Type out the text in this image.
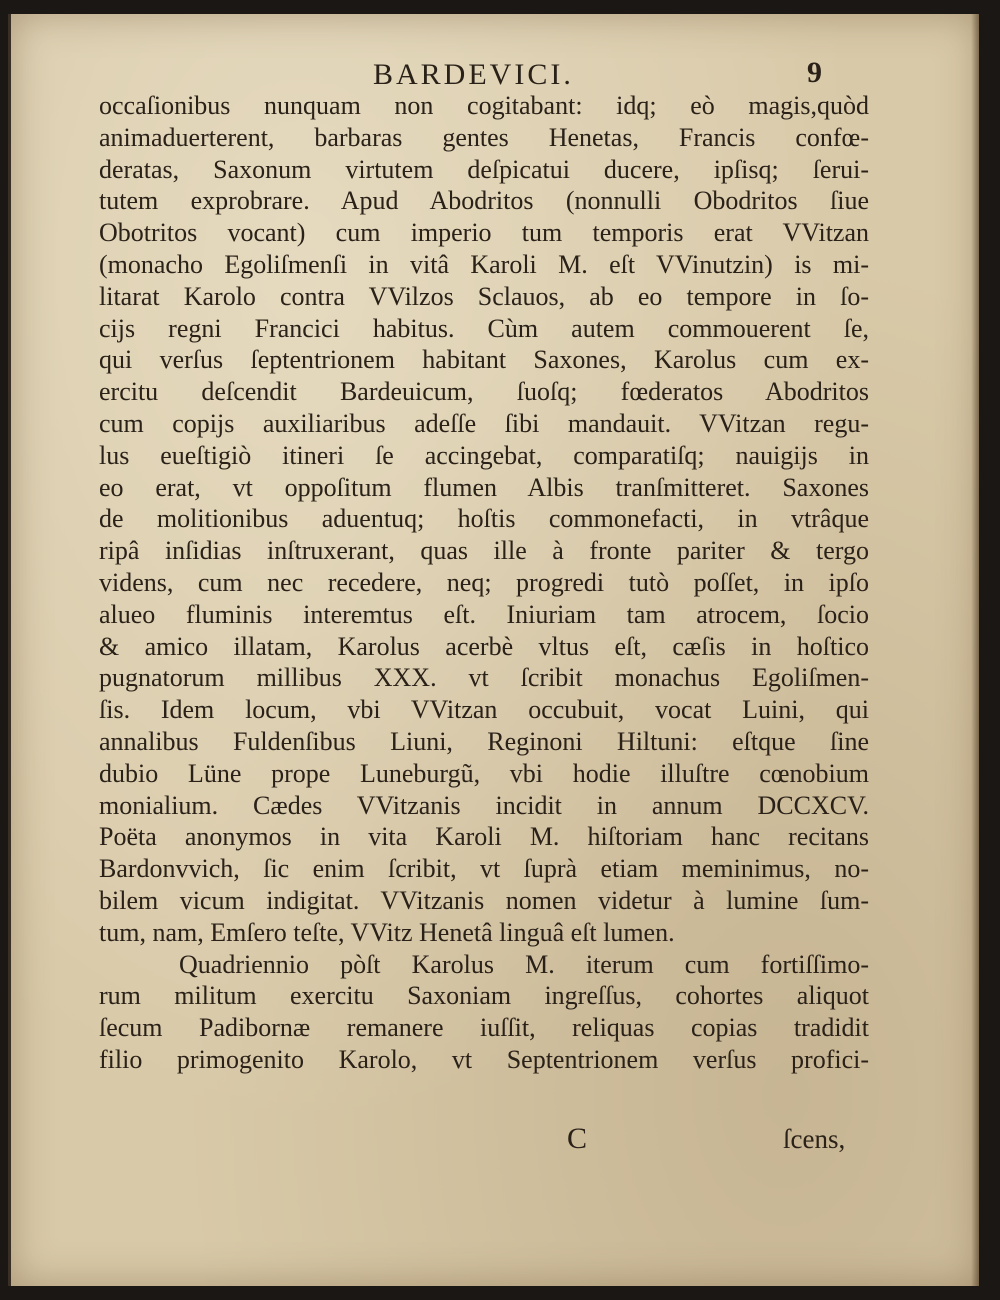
BARDEVICI.	9
occaſionibus nunquam non cogitabant: idq; eò magis,quòd
animaduerterent, barbaras gentes Henetas, Francis confœ-
deratas, Saxonum virtutem deſpicatui ducere, ipſisq; ſerui-
tutem exprobrare. Apud Abodritos (nonnulli Obodritos ſiue
Obotritos vocant) cum imperio tum temporis erat VVitzan
(monacho Egoliſmenſi in vitâ Karoli M. eſt VVinutzin) is mi-
litarat Karolo contra VVilzos Sclauos, ab eo tempore in ſo-
cijs regni Francici habitus. Cùm autem commouerent ſe,
qui verſus ſeptentrionem habitant Saxones, Karolus cum ex-
ercitu deſcendit Bardeuicum, ſuoſq; fœderatos Abodritos
cum copijs auxiliaribus adeſſe ſibi mandauit. VVitzan regu-
lus eueſtigiò itineri ſe accingebat, comparatiſq; nauigijs in
eo erat, vt oppoſitum flumen Albis tranſmitteret. Saxones
de molitionibus aduentuq; hoſtis commonefacti, in vtrâque
ripâ inſidias inſtruxerant, quas ille à fronte pariter & tergo
videns, cum nec recedere, neq; progredi tutò poſſet, in ipſo
alueo fluminis interemtus eſt. Iniuriam tam atrocem, ſocio
& amico illatam, Karolus acerbè vltus eſt, cæſis in hoſtico
pugnatorum millibus XXX. vt ſcribit monachus Egoliſmen-
ſis. Idem locum, vbi VVitzan occubuit, vocat Luini, qui
annalibus Fuldenſibus Liuni, Reginoni Hiltuni: eſtque ſine
dubio Lüne prope Luneburgũ, vbi hodie illuſtre cœnobium
monialium. Cædes VVitzanis incidit in annum DCCXCV.
Poëta anonymos in vita Karoli M. hiſtoriam hanc recitans
Bardonvvich, ſic enim ſcribit, vt ſuprà etiam meminimus, no-
bilem vicum indigitat. VVitzanis nomen videtur à lumine ſum-
tum, nam, Emſero teſte, VVitz Henetâ linguâ eſt lumen.
Quadriennio pòſt Karolus M. iterum cum fortiſſimo-
rum militum exercitu Saxoniam ingreſſus, cohortes aliquot
ſecum Padibornæ remanere iuſſit, reliquas copias tradidit
filio primogenito Karolo, vt Septentrionem verſus profici-
C	ſcens,
